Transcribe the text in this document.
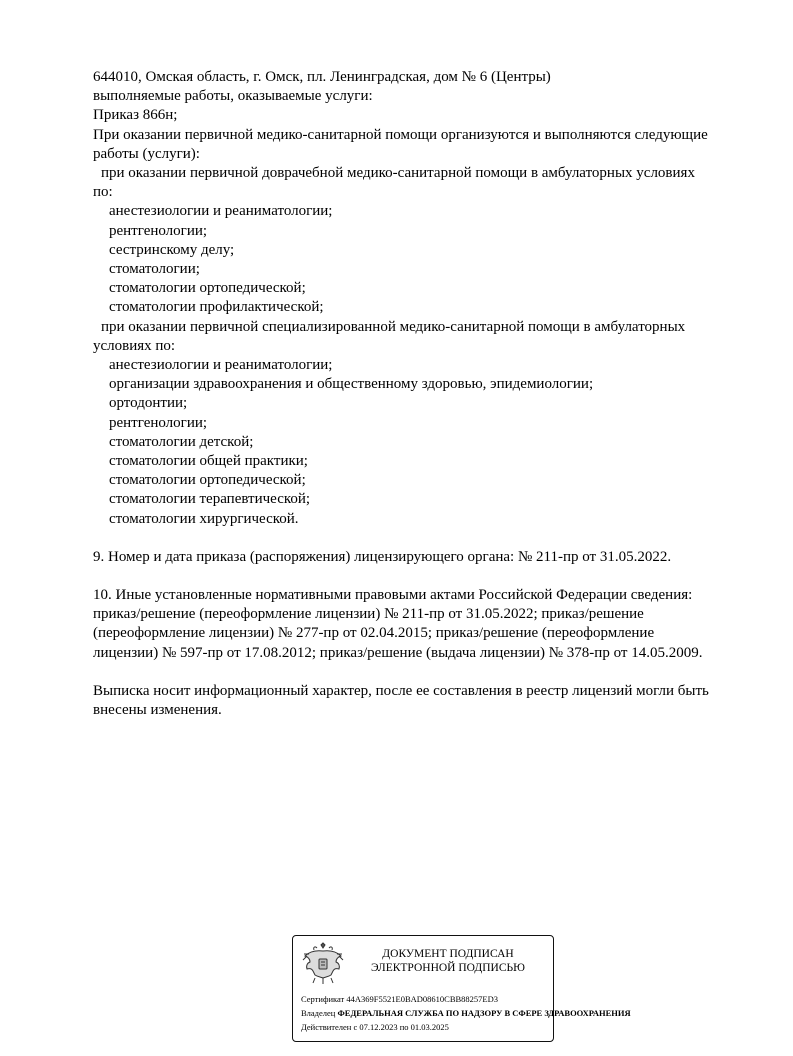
644010, Омская область, г. Омск, пл. Ленинградская, дом № 6 (Центры)
выполняемые работы, оказываемые услуги:
Приказ 866н;
При оказании первичной медико-санитарной помощи организуются и выполняются следующие
работы (услуги):
при оказании первичной доврачебной медико-санитарной помощи в амбулаторных условиях
по:
анестезиологии и реаниматологии;
рентгенологии;
сестринскому делу;
стоматологии;
стоматологии ортопедической;
стоматологии профилактической;
при оказании первичной специализированной медико-санитарной помощи в амбулаторных
условиях по:
анестезиологии и реаниматологии;
организации здравоохранения и общественному здоровью, эпидемиологии;
ортодонтии;
рентгенологии;
стоматологии детской;
стоматологии общей практики;
стоматологии ортопедической;
стоматологии терапевтической;
стоматологии хирургической.
9. Номер и дата приказа (распоряжения) лицензирующего органа: № 211-пр от 31.05.2022.
10. Иные установленные нормативными правовыми актами Российской Федерации сведения:
приказ/решение (переоформление лицензии) № 211-пр от 31.05.2022; приказ/решение
(переоформление лицензии) № 277-пр от 02.04.2015; приказ/решение (переоформление
лицензии) № 597-пр от 17.08.2012; приказ/решение (выдача лицензии) № 378-пр от 14.05.2009.
Выписка носит информационный характер, после ее составления в реестр лицензий могли быть
внесены изменения.
ДОКУМЕНТ ПОДПИСАН
ЭЛЕКТРОННОЙ ПОДПИСЬЮ
Сертификат 44A369F5521E0BAD08610CBB88257ED3
Владелец ФЕДЕРАЛЬНАЯ СЛУЖБА ПО НАДЗОРУ В СФЕРЕ ЗДРАВООХРАНЕНИЯ
Действителен с 07.12.2023 по 01.03.2025
